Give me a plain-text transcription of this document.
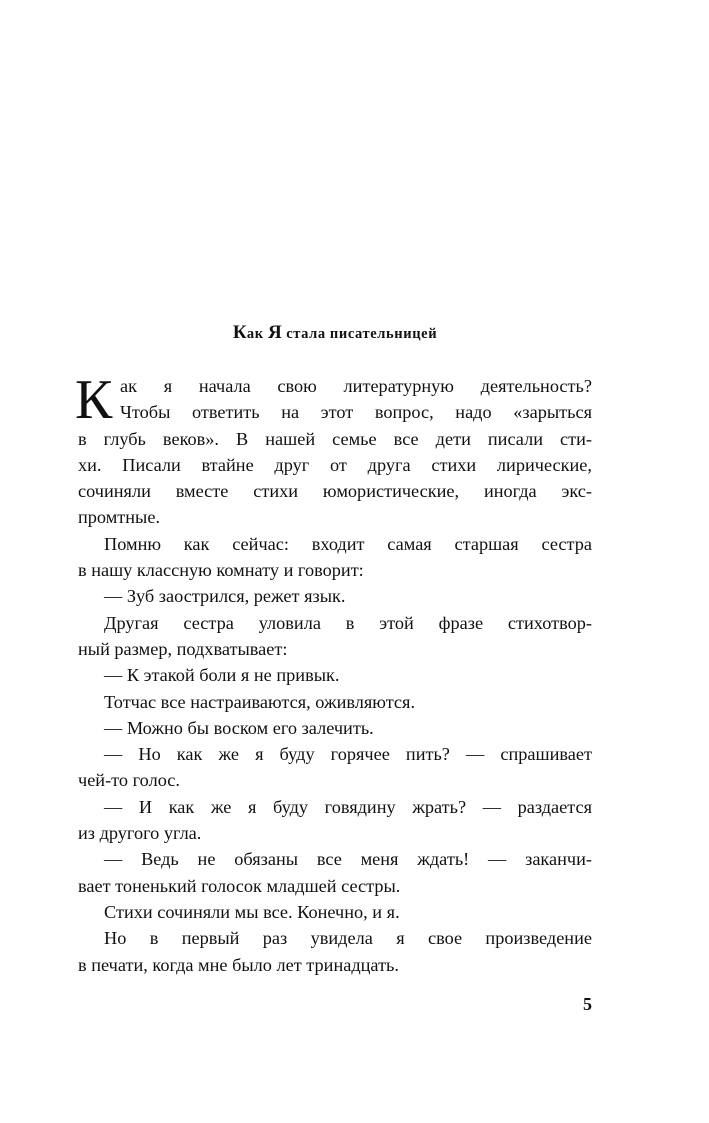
Как Я стала писательницей
К ак я начала свою литературную деятельность?
Чтобы ответить на этот вопрос, надо «зарыться
в глубь веков». В нашей семье все дети писали сти-
хи. Писали втайне друг от друга стихи лирические,
сочиняли вместе стихи юмористические, иногда экс-
промтные.
Помню как сейчас: входит самая старшая сестра
в нашу классную комнату и говорит:
— Зуб заострился, режет язык.
Другая сестра уловила в этой фразе стихотвор-
ный размер, подхватывает:
— К этакой боли я не привык.
Тотчас все настраиваются, оживляются.
— Можно бы воском его залечить.
— Но как же я буду горячее пить? — спрашивает
чей-то голос.
— И как же я буду говядину жрать? — раздается
из другого угла.
— Ведь не обязаны все меня ждать! — заканчи-
вает тоненький голосок младшей сестры.
Стихи сочиняли мы все. Конечно, и я.
Но в первый раз увидела я свое произведение
в печати, когда мне было лет тринадцать.
5
